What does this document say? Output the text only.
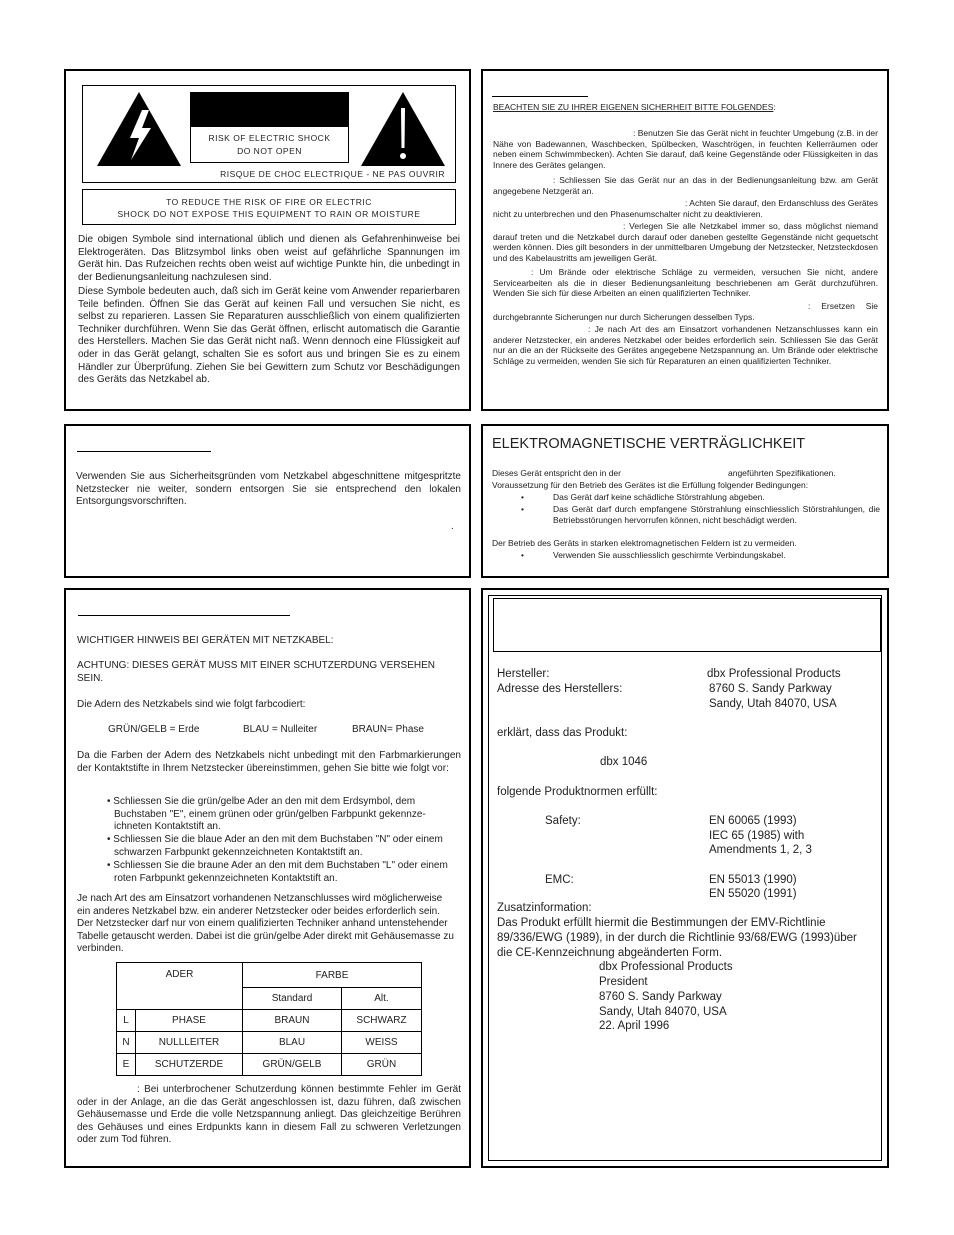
RISK OF ELECTRIC SHOCK
DO NOT OPEN
RISQUE DE CHOC ELECTRIQUE - NE PAS OUVRIR
TO REDUCE THE RISK OF FIRE OR ELECTRIC
SHOCK DO NOT EXPOSE THIS EQUIPMENT TO RAIN OR MOISTURE

Die obigen Symbole sind international üblich und dienen als Gefahrenhinweise bei Elektrogeräten. Das Blitzsymbol links oben weist auf gefährliche Spannungen im Gerät hin. Das Rufzeichen rechts oben weist auf wichtige Punkte hin, die unbedingt in der Bedienungsanleitung nachzulesen sind.

Diese Symbole bedeuten auch, daß sich im Gerät keine vom Anwender reparierbaren Teile befinden. Öffnen Sie das Gerät auf keinen Fall und versuchen Sie nicht, es selbst zu reparieren. Lassen Sie Reparaturen ausschließlich von einem qualifizierten Techniker durchführen. Wenn Sie das Gerät öffnen, erlischt automatisch die Garantie des Herstellers. Machen Sie das Gerät nicht naß. Wenn dennoch eine Flüssigkeit auf oder in das Gerät gelangt, schalten Sie es sofort aus und bringen Sie es zu einem Händler zur Überprüfung. Ziehen Sie bei Gewittern zum Schutz vor Beschädigungen des Geräts das Netzkabel ab.

BEACHTEN SIE ZU IHRER EIGENEN SICHERHEIT BITTE FOLGENDES:
: Benutzen Sie das Gerät nicht in feuchter Umgebung (z.B. in der Nähe von Badewannen, Waschbecken, Spülbecken, Waschtrögen, in feuchten Kellerräumen oder neben einem Schwimmbecken). Achten Sie darauf, daß keine Gegenstände oder Flüssigkeiten in das Innere des Gerätes gelangen.
: Schliessen Sie das Gerät nur an das in der Bedienungsanleitung bzw. am Gerät angegebene Netzgerät an.
: Achten Sie darauf, den Erdanschluss des Gerätes nicht zu unterbrechen und den Phasenumschalter nicht zu deaktivieren.
: Verlegen Sie alle Netzkabel immer so, dass möglichst niemand darauf treten und die Netzkabel durch darauf oder daneben gestellte Gegenstände nicht gequetscht werden können. Dies gilt besonders in der unmittelbaren Umgebung der Netzstecker, Netzsteckdosen und des Kabelaustritts am jeweiligen Gerät.
: Um Brände oder elektrische Schläge zu vermeiden, versuchen Sie nicht, andere Servicearbeiten als die in dieser Bedienungsanleitung beschriebenen am Gerät durchzuführen. Wenden Sie sich für diese Arbeiten an einen qualifizierten Techniker.
: Ersetzen Sie durchgebrannte Sicherungen nur durch Sicherungen desselben Typs.
: Je nach Art des am Einsatzort vorhandenen Netzanschlusses kann ein anderer Netzstecker, ein anderes Netzkabel oder beides erforderlich sein. Schliessen Sie das Gerät nur an die an der Rückseite des Gerätes angegebene Netzspannung an. Um Brände oder elektrische Schläge zu vermeiden, wenden Sie sich für Reparaturen an einen qualifizierten Techniker.

Verwenden Sie aus Sicherheitsgründen vom Netzkabel abgeschnittene mitgespritzte Netzstecker nie weiter, sondern entsorgen Sie sie entsprechend den lokalen Entsorgungsvorschriften.

.
ELEKTROMAGNETISCHE VERTRÄGLICHKEIT
Dieses Gerät entspricht den in der	angeführten Spezifikationen.
Voraussetzung für den Betrieb des Gerätes ist die Erfüllung folgender Bedingungen:
•	Das Gerät darf keine schädliche Störstrahlung abgeben.
•	Das Gerät darf durch empfangene Störstrahlung einschliesslich Störstrahlungen, die Betriebsstörungen hervorrufen können, nicht beschädigt werden.
Der Betrieb des Geräts in starken elektromagnetischen Feldern ist zu vermeiden.
•	Verwenden Sie ausschliesslich geschirmte Verbindungskabel.
WICHTIGER HINWEIS BEI GERÄTEN MIT NETZKABEL:

ACHTUNG: DIESES GERÄT MUSS MIT EINER SCHUTZERDUNG VERSEHEN SEIN.

Die Adern des Netzkabels sind wie folgt farbcodiert:
GRÜN/GELB = Erde	BLAU = Nulleiter	BRAUN= Phase

Da die Farben der Adern des Netzkabels nicht unbedingt mit den Farbmarkierungen der Kontaktstifte in Ihrem Netzstecker übereinstimmen, gehen Sie bitte wie folgt vor:

• Schliessen Sie die grün/gelbe Ader an den mit dem Erdsymbol, dem Buchstaben "E", einem grünen oder grün/gelben Farbpunkt gekennze-ichneten Kontaktstift an.

• Schliessen Sie die blaue Ader an den mit dem Buchstaben "N" oder einem schwarzen Farbpunkt gekennzeichneten Kontaktstift an.

• Schliessen Sie die braune Ader an den mit dem Buchstaben "L" oder einem roten Farbpunkt gekennzeichneten Kontaktstift an.

Je nach Art des am Einsatzort vorhandenen Netzanschlusses wird möglicherweise ein anderes Netzkabel bzw. ein anderer Netzstecker oder beides erforderlich sein. Der Netzstecker darf nur von einem qualifizierten Techniker anhand untenstehender Tabelle getauscht werden. Dabei ist die grün/gelbe Ader direkt mit Gehäusemasse zu verbinden.

ADER		FARBE	
		Standard	Alt.
L	PHASE	BRAUN	SCHWARZ
N	NULLLEITER	BLAU	WEISS
E	SCHUTZERDE	GRÜN/GELB	GRÜN

: Bei unterbrochener Schutzerdung können bestimmte Fehler im Gerät oder in der Anlage, an die das Gerät angeschlossen ist, dazu führen, daß zwischen Gehäusemasse und Erde die volle Netzspannung anliegt. Das gleichzeitige Berühren des Gehäuses und eines Erdpunkts kann in diesem Fall zu schweren Verletzungen oder zum Tod führen.

Hersteller:	dbx Professional Products
Adresse des Herstellers:	8760 S. Sandy Parkway
Sandy, Utah 84070, USA
erklärt, dass das Produkt:
dbx 1046
folgende Produktnormen erfüllt:
Safety:	EN 60065 (1993)
IEC 65 (1985) with
Amendments 1, 2, 3
EMC:	EN 55013 (1990)
EN 55020 (1991)
Zusatzinformation:

Das Produkt erfüllt hiermit die Bestimmungen der EMV-Richtlinie 89/336/EWG (1989), in der durch die Richtlinie 93/68/EWG (1993)über die CE-Kennzeichnung abgeänderten Form.

dbx Professional Products
President
8760 S. Sandy Parkway
Sandy, Utah 84070, USA
22. April 1996
